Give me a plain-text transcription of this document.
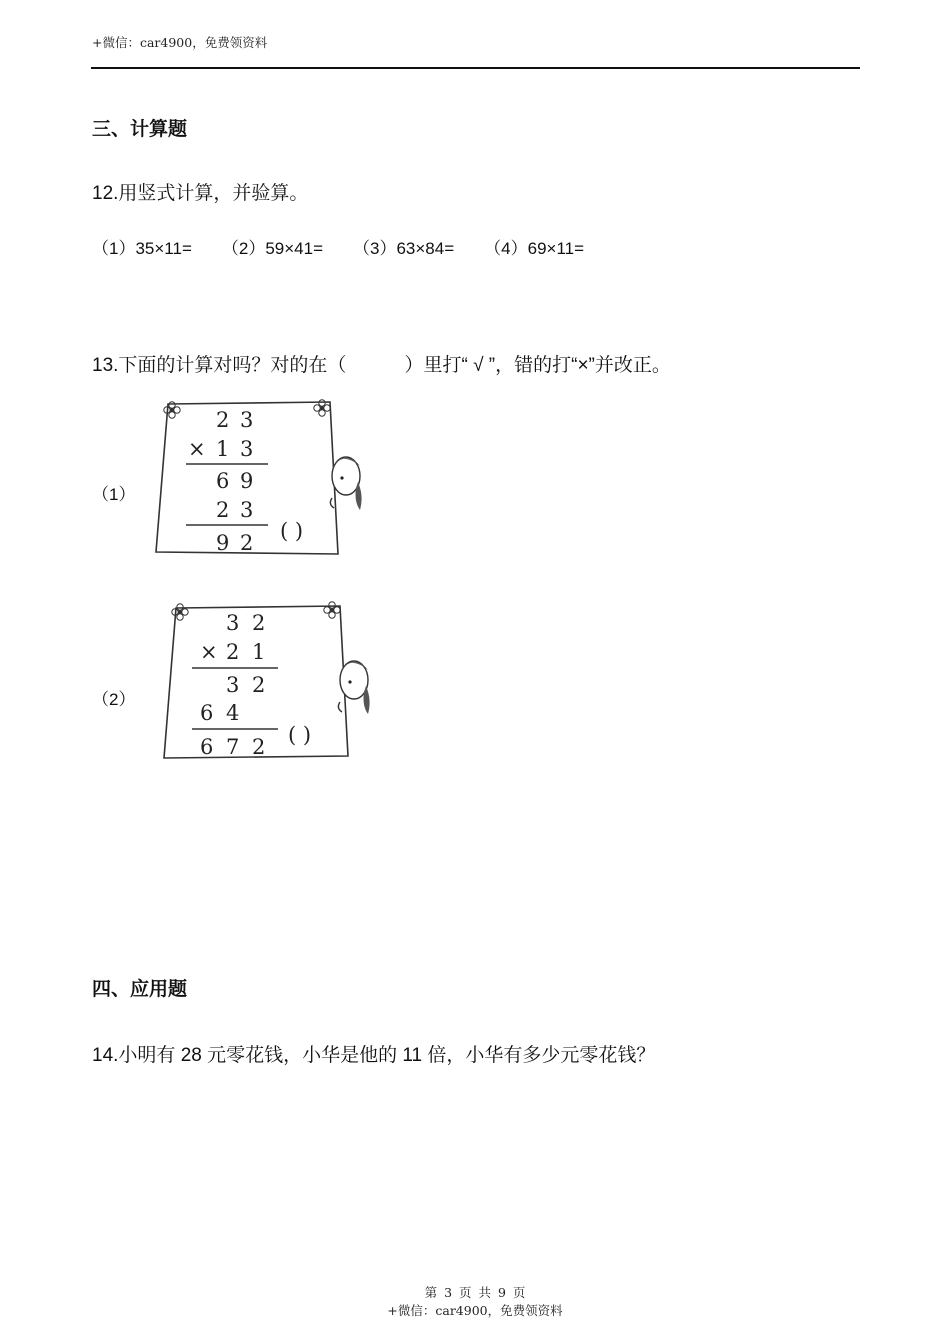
+微信：car4900，免费领资料
三、计算题
12.用竖式计算，并验算。
（1）35×11= （2）59×41= （3）63×84= （4）69×11=
13.下面的计算对吗？对的在（           ）里打“ √ ”，错的打“×”并改正。
（1）
2 3
× 1 3
6 9
2 3
9 2 ( )
（2）
3 2
× 2 1
3 2
6 4
6 7 2 ( )
四、应用题
14.小明有 28 元零花钱，小华是他的 11 倍，小华有多少元零花钱？
第 3 页 共 9 页
+微信：car4900，免费领资料
